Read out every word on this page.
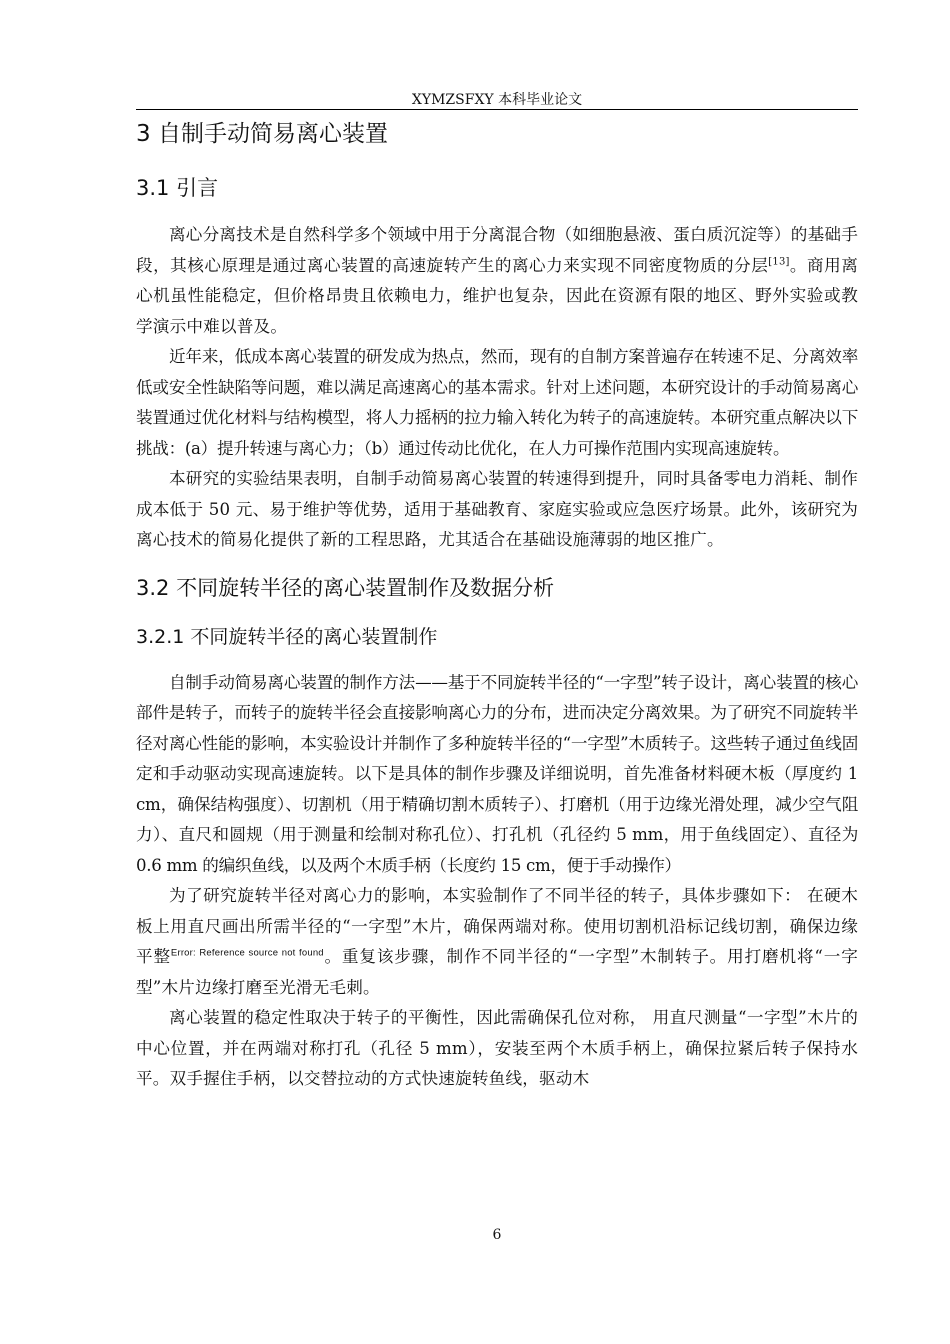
XYMZSFXY 本科毕业论文
3 自制手动简易离心装置
3.1 引言

离心分离技术是自然科学多个领域中用于分离混合物（如细胞悬液、蛋白质沉淀等）的基础手段，其核心原理是通过离心装置的高速旋转产生的离心力来实现不同密度物质的分层[13]。商用离心机虽性能稳定，但价格昂贵且依赖电力，维护也复杂，因此在资源有限的地区、野外实验或教学演示中难以普及。

近年来，低成本离心装置的研发成为热点，然而，现有的自制方案普遍存在转速不足、分离效率低或安全性缺陷等问题，难以满足高速离心的基本需求。针对上述问题，本研究设计的手动简易离心装置通过优化材料与结构模型，将人力摇柄的拉力输入转化为转子的高速旋转。本研究重点解决以下挑战：(a）提升转速与离心力；（b）通过传动比优化，在人力可操作范围内实现高速旋转。

本研究的实验结果表明，自制手动简易离心装置的转速得到提升，同时具备零电力消耗、制作成本低于 50 元、易于维护等优势，适用于基础教育、家庭实验或应急医疗场景。此外，该研究为离心技术的简易化提供了新的工程思路，尤其适合在基础设施薄弱的地区推广。

3.2 不同旋转半径的离心装置制作及数据分析
3.2.1 不同旋转半径的离心装置制作

自制手动简易离心装置的制作方法——基于不同旋转半径的“一字型”转子设计，离心装置的核心部件是转子，而转子的旋转半径会直接影响离心力的分布，进而决定分离效果。为了研究不同旋转半径对离心性能的影响，本实验设计并制作了多种旋转半径的“一字型”木质转子。这些转子通过鱼线固定和手动驱动实现高速旋转。以下是具体的制作步骤及详细说明，首先准备材料硬木板（厚度约 1 cm，确保结构强度）、切割机（用于精确切割木质转子）、打磨机（用于边缘光滑处理，减少空气阻力）、直尺和圆规（用于测量和绘制对称孔位）、打孔机（孔径约 5 mm，用于鱼线固定）、直径为 0.6 mm 的编织鱼线，以及两个木质手柄（长度约 15 cm，便于手动操作）

为了研究旋转半径对离心力的影响，本实验制作了不同半径的转子，具体步骤如下： 在硬木板上用直尺画出所需半径的“一字型”木片，确保两端对称。使用切割机沿标记线切割，确保边缘平整$^{Error: Reference source not found}$。重复该步骤，制作不同半径的“一字型”木制转子。用打磨机将“一字型”木片边缘打磨至光滑无毛刺。

离心装置的稳定性取决于转子的平衡性，因此需确保孔位对称， 用直尺测量“一字型”木片的中心位置，并在两端对称打孔（孔径 5 mm），安装至两个木质手柄上，确保拉紧后转子保持水平。双手握住手柄，以交替拉动的方式快速旋转鱼线，驱动木

6
